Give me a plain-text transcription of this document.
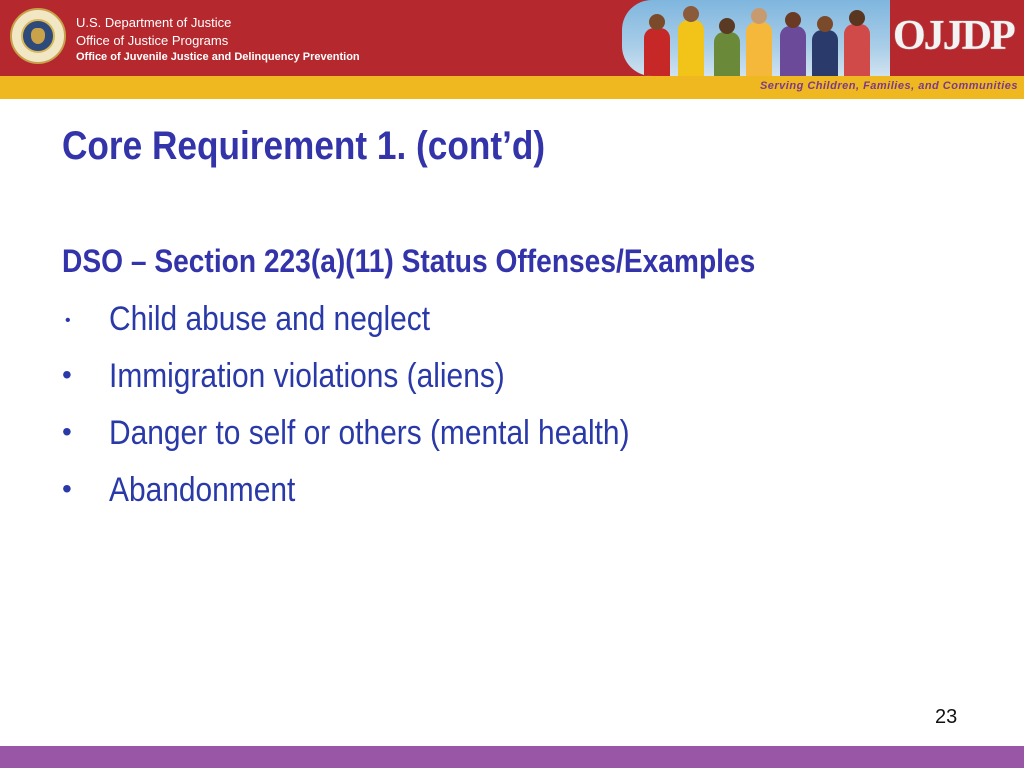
U.S. Department of Justice
Office of Justice Programs
Office of Juvenile Justice and Delinquency Prevention	OJJDP
Serving Children, Families, and Communities
Core Requirement 1. (cont’d)
DSO – Section 223(a)(11) Status Offenses/Examples
• Child abuse and neglect
• Immigration violations (aliens)
• Danger to self or others (mental health)
• Abandonment
23
